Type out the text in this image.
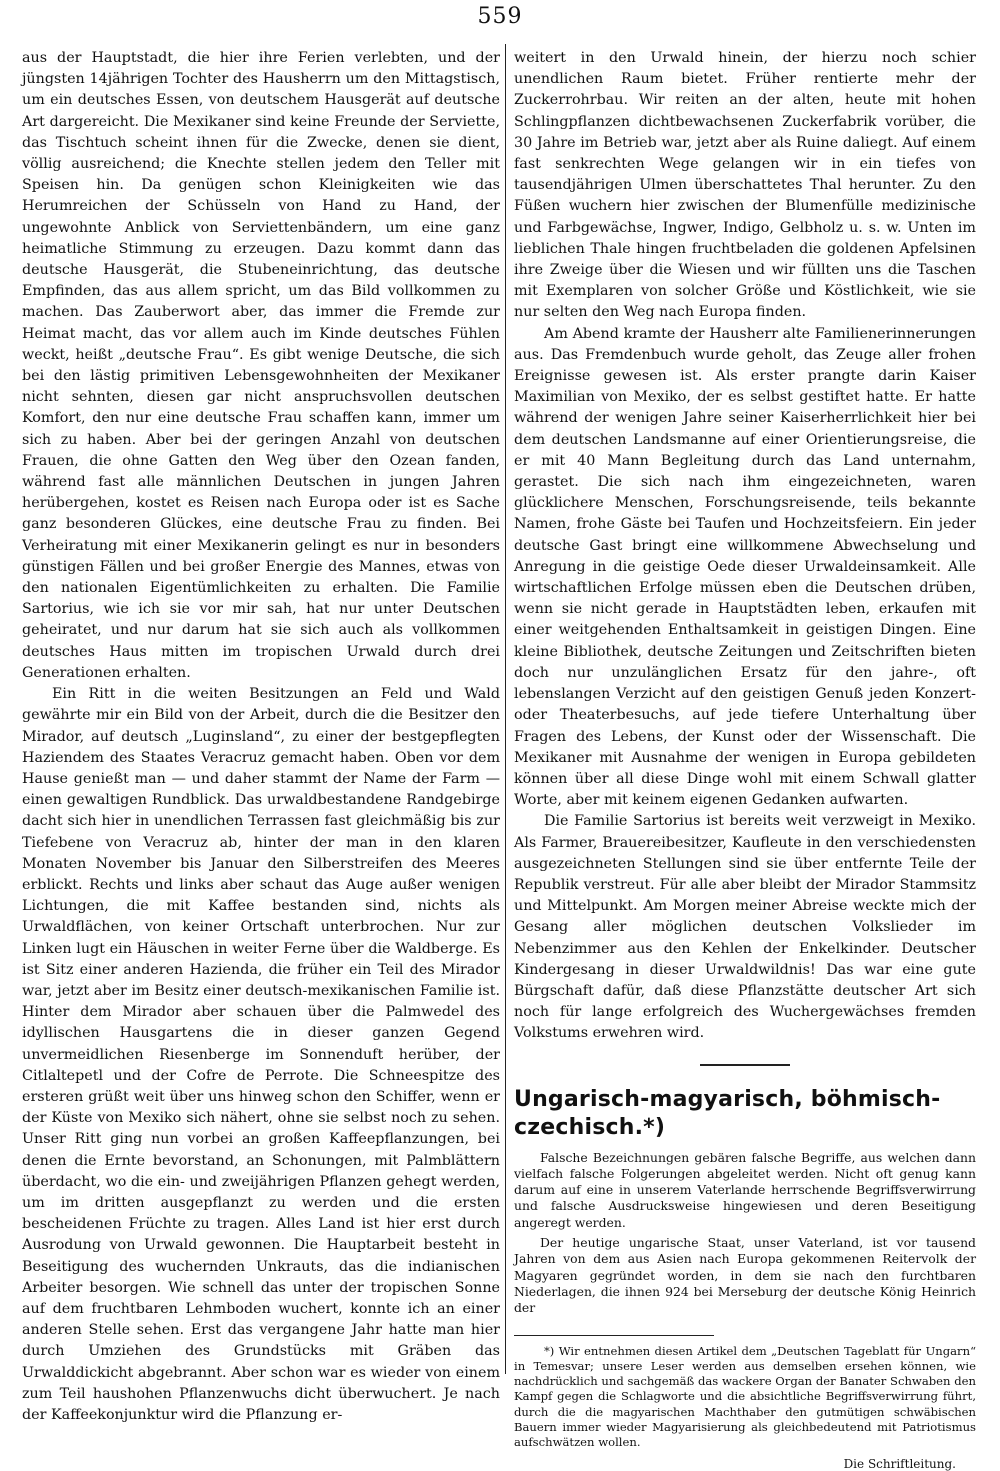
559

aus der Hauptstadt, die hier ihre Ferien verlebten, und der jüngsten 14jährigen Tochter des Hausherrn um den Mittagstisch, um ein deutsches Essen, von deutschem Hausgerät auf deutsche Art dargereicht. Die Mexikaner sind keine Freunde der Serviette, das Tischtuch scheint ihnen für die Zwecke, denen sie dient, völlig ausreichend; die Knechte stellen jedem den Teller mit Speisen hin. Da genügen schon Kleinigkeiten wie das Herumreichen der Schüsseln von Hand zu Hand, der ungewohnte Anblick von Serviettenbändern, um eine ganz heimatliche Stimmung zu erzeugen. Dazu kommt dann das deutsche Hausgerät, die Stubeneinrichtung, das deutsche Empfinden, das aus allem spricht, um das Bild vollkommen zu machen. Das Zauberwort aber, das immer die Fremde zur Heimat macht, das vor allem auch im Kinde deutsches Fühlen weckt, heißt „deutsche Frau“. Es gibt wenige Deutsche, die sich bei den lästig primitiven Lebensgewohnheiten der Mexikaner nicht sehnten, diesen gar nicht anspruchsvollen deutschen Komfort, den nur eine deutsche Frau schaffen kann, immer um sich zu haben. Aber bei der geringen Anzahl von deutschen Frauen, die ohne Gatten den Weg über den Ozean fanden, während fast alle männlichen Deutschen in jungen Jahren herübergehen, kostet es Reisen nach Europa oder ist es Sache ganz besonderen Glückes, eine deutsche Frau zu finden. Bei Verheiratung mit einer Mexikanerin gelingt es nur in besonders günstigen Fällen und bei großer Energie des Mannes, etwas von den nationalen Eigentümlichkeiten zu erhalten. Die Familie Sartorius, wie ich sie vor mir sah, hat nur unter Deutschen geheiratet, und nur darum hat sie sich auch als vollkommen deutsches Haus mitten im tropischen Urwald durch drei Generationen erhalten.

Ein Ritt in die weiten Besitzungen an Feld und Wald gewährte mir ein Bild von der Arbeit, durch die die Besitzer den Mirador, auf deutsch „Luginsland“, zu einer der bestgepflegten Haziendem des Staates Veracruz gemacht haben. Oben vor dem Hause genießt man — und daher stammt der Name der Farm — einen gewaltigen Rundblick. Das urwaldbestandene Randgebirge dacht sich hier in unendlichen Terrassen fast gleichmäßig bis zur Tiefebene von Veracruz ab, hinter der man in den klaren Monaten November bis Januar den Silberstreifen des Meeres erblickt. Rechts und links aber schaut das Auge außer wenigen Lichtungen, die mit Kaffee bestanden sind, nichts als Urwaldflächen, von keiner Ortschaft unterbrochen. Nur zur Linken lugt ein Häuschen in weiter Ferne über die Waldberge. Es ist Sitz einer anderen Hazienda, die früher ein Teil des Mirador war, jetzt aber im Besitz einer deutsch-mexikanischen Familie ist. Hinter dem Mirador aber schauen über die Palmwedel des idyllischen Hausgartens die in dieser ganzen Gegend unvermeidlichen Riesenberge im Sonnenduft herüber, der Citlaltepetl und der Cofre de Perrote. Die Schneespitze des ersteren grüßt weit über uns hinweg schon den Schiffer, wenn er der Küste von Mexiko sich nähert, ohne sie selbst noch zu sehen. Unser Ritt ging nun vorbei an großen Kaffeepflanzungen, bei denen die Ernte bevorstand, an Schonungen, mit Palmblättern überdacht, wo die ein- und zweijährigen Pflanzen gehegt werden, um im dritten ausgepflanzt zu werden und die ersten bescheidenen Früchte zu tragen. Alles Land ist hier erst durch Ausrodung von Urwald gewonnen. Die Hauptarbeit besteht in Beseitigung des wuchernden Unkrauts, das die indianischen Arbeiter besorgen. Wie schnell das unter der tropischen Sonne auf dem fruchtbaren Lehmboden wuchert, konnte ich an einer anderen Stelle sehen. Erst das vergangene Jahr hatte man hier durch Umziehen des Grundstücks mit Gräben das Urwalddickicht abgebrannt. Aber schon war es wieder von einem zum Teil haushohen Pflanzenwuchs dicht überwuchert. Je nach der Kaffeekonjunktur wird die Pflanzung er-

weitert in den Urwald hinein, der hierzu noch schier unendlichen Raum bietet. Früher rentierte mehr der Zuckerrohrbau. Wir reiten an der alten, heute mit hohen Schlingpflanzen dichtbewachsenen Zuckerfabrik vorüber, die 30 Jahre im Betrieb war, jetzt aber als Ruine daliegt. Auf einem fast senkrechten Wege gelangen wir in ein tiefes von tausendjährigen Ulmen überschattetes Thal herunter. Zu den Füßen wuchern hier zwischen der Blumenfülle medizinische und Farbgewächse, Ingwer, Indigo, Gelbholz u. s. w. Unten im lieblichen Thale hingen fruchtbeladen die goldenen Apfelsinen ihre Zweige über die Wiesen und wir füllten uns die Taschen mit Exemplaren von solcher Größe und Köstlichkeit, wie sie nur selten den Weg nach Europa finden.

Am Abend kramte der Hausherr alte Familienerinnerungen aus. Das Fremdenbuch wurde geholt, das Zeuge aller frohen Ereignisse gewesen ist. Als erster prangte darin Kaiser Maximilian von Mexiko, der es selbst gestiftet hatte. Er hatte während der wenigen Jahre seiner Kaiserherrlichkeit hier bei dem deutschen Landsmanne auf einer Orientierungsreise, die er mit 40 Mann Begleitung durch das Land unternahm, gerastet. Die sich nach ihm eingezeichneten, waren glücklichere Menschen, Forschungsreisende, teils bekannte Namen, frohe Gäste bei Taufen und Hochzeitsfeiern. Ein jeder deutsche Gast bringt eine willkommene Abwechselung und Anregung in die geistige Oede dieser Urwaldeinsamkeit. Alle wirtschaftlichen Erfolge müssen eben die Deutschen drüben, wenn sie nicht gerade in Hauptstädten leben, erkaufen mit einer weitgehenden Enthaltsamkeit in geistigen Dingen. Eine kleine Bibliothek, deutsche Zeitungen und Zeitschriften bieten doch nur unzulänglichen Ersatz für den jahre-, oft lebenslangen Verzicht auf den geistigen Genuß jeden Konzert- oder Theaterbesuchs, auf jede tiefere Unterhaltung über Fragen des Lebens, der Kunst oder der Wissenschaft. Die Mexikaner mit Ausnahme der wenigen in Europa gebildeten können über all diese Dinge wohl mit einem Schwall glatter Worte, aber mit keinem eigenen Gedanken aufwarten.

Die Familie Sartorius ist bereits weit verzweigt in Mexiko. Als Farmer, Brauereibesitzer, Kaufleute in den verschiedensten ausgezeichneten Stellungen sind sie über entfernte Teile der Republik verstreut. Für alle aber bleibt der Mirador Stammsitz und Mittelpunkt. Am Morgen meiner Abreise weckte mich der Gesang aller möglichen deutschen Volkslieder im Nebenzimmer aus den Kehlen der Enkelkinder. Deutscher Kindergesang in dieser Urwaldwildnis! Das war eine gute Bürgschaft dafür, daß diese Pflanzstätte deutscher Art sich noch für lange erfolgreich des Wuchergewächses fremden Volkstums erwehren wird.

Ungarisch-magyarisch, böhmisch-czechisch.*)

Falsche Bezeichnungen gebären falsche Begriffe, aus welchen dann vielfach falsche Folgerungen abgeleitet werden. Nicht oft genug kann darum auf eine in unserem Vaterlande herrschende Begriffsverwirrung und falsche Ausdrucksweise hingewiesen und deren Beseitigung angeregt werden.

Der heutige ungarische Staat, unser Vaterland, ist vor tausend Jahren von dem aus Asien nach Europa gekommenen Reitervolk der Magyaren gegründet worden, in dem sie nach den furchtbaren Niederlagen, die ihnen 924 bei Merseburg der deutsche König Heinrich der

*) Wir entnehmen diesen Artikel dem „Deutschen Tageblatt für Ungarn“ in Temesvar; unsere Leser werden aus demselben ersehen können, wie nachdrücklich und sachgemäß das wackere Organ der Banater Schwaben den Kampf gegen die Schlagworte und die absichtliche Begriffsverwirrung führt, durch die die magyarischen Machthaber den gutmütigen schwäbischen Bauern immer wieder Magyarisierung als gleichbedeutend mit Patriotismus aufschwätzen wollen.

Die Schriftleitung.
